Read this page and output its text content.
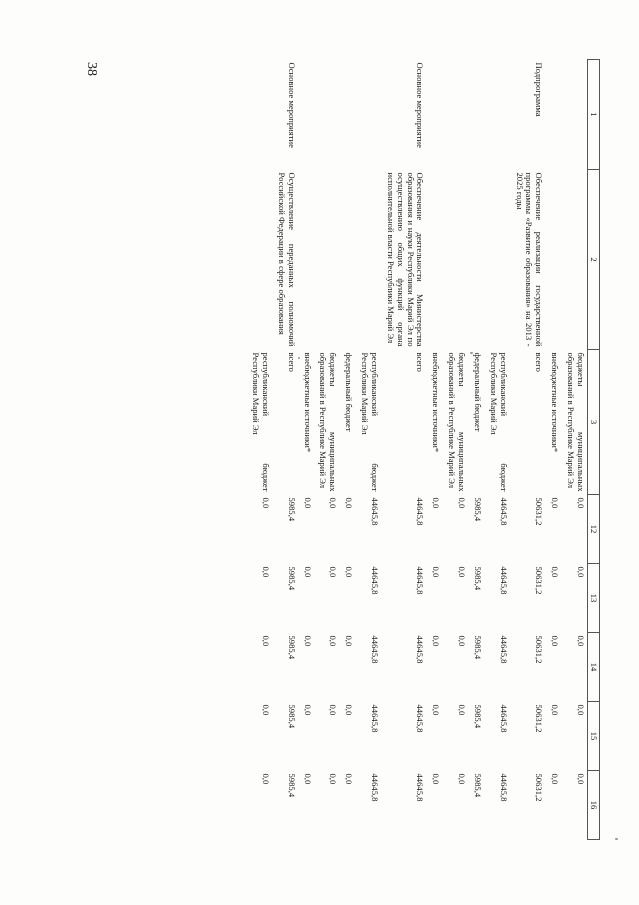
38
1	2	3	12	13	14	15	16
		бюджеты муниципальных образований в Республике Марий Эл	0,0	0,0	0,0	0,0	0,0
		внебюджетные источники*	0,0	0,0	0,0	0,0	0,0
Подпрограмма	Обеспечение реализации государственной программы «Развитие образования» на 2013 - 2025 годы	всего	50631,2	50631,2	50631,2	50631,2	50631,2
		республиканский бюджет Республики Марий Эл	44645,8	44645,8	44645,8	44645,8	44645,8
		федеральный бюджет	5985,4	5985,4	5985,4	5985,4	5985,4
		бюджеты муниципальных образований в Республике Марий Эл	0,0	0,0	0,0	0,0	0,0
		внебюджетные источники*	0,0	0,0	0,0	0,0	0,0
Основное мероприятие	Обеспечение деятельности Министерства образования и науки Республики Марий Эл по осуществлению общих функций органа исполнительной власти Республики Марий Эл	всего	44645,8	44645,8	44645,8	44645,8	44645,8
		республиканский бюджет Республики Марий Эл	44645,8	44645,8	44645,8	44645,8	44645,8
		федеральный бюджет	0,0	0,0	0,0	0,0	0,0
		бюджеты муниципальных образований в Республике Марий Эл	0,0	0,0	0,0	0,0	0,0
		внебюджетные источники*	0,0	0,0	0,0	0,0	0,0
Основное мероприятие	Осуществление переданных полномочий Российской Федерации в сфере образования	всего	5985,4	5985,4	5985,4	5985,4	5985,4
		республиканский бюджет Республики Марий Эл	0,0	0,0	0,0	0,0	0,0
